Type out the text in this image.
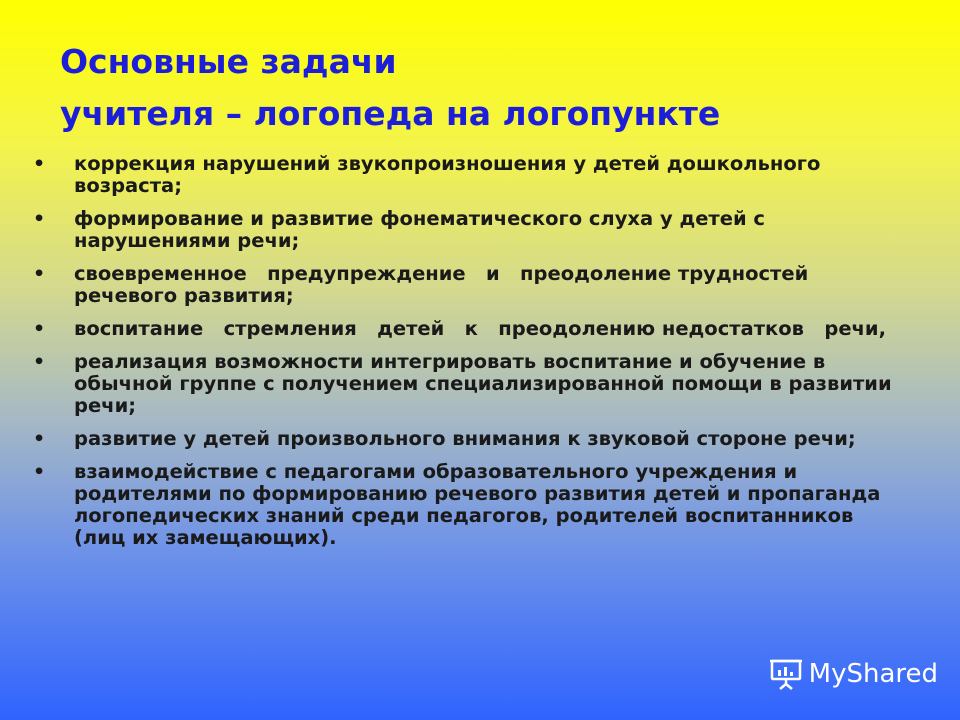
Основные задачи
учителя – логопеда на логопункте
• коррекция нарушений звукопроизношения у детей дошкольного возраста;
• формирование и развитие фонематического слуха у детей с нарушениями речи;
• своевременное   предупреждение   и   преодоление трудностей   речевого развития;
• воспитание   стремления   детей   к   преодолению недостатков   речи,
• реализация возможности интегрировать воспитание и обучение в обычной группе с получением специализированной помощи в развитии речи;
• развитие у детей произвольного внимания к звуковой стороне речи;
• взаимодействие с педагогами образовательного учреждения и родителями по формированию речевого развития детей и пропаганда логопедических знаний среди педагогов, родителей воспитанников (лиц их замещающих).
MyShared
